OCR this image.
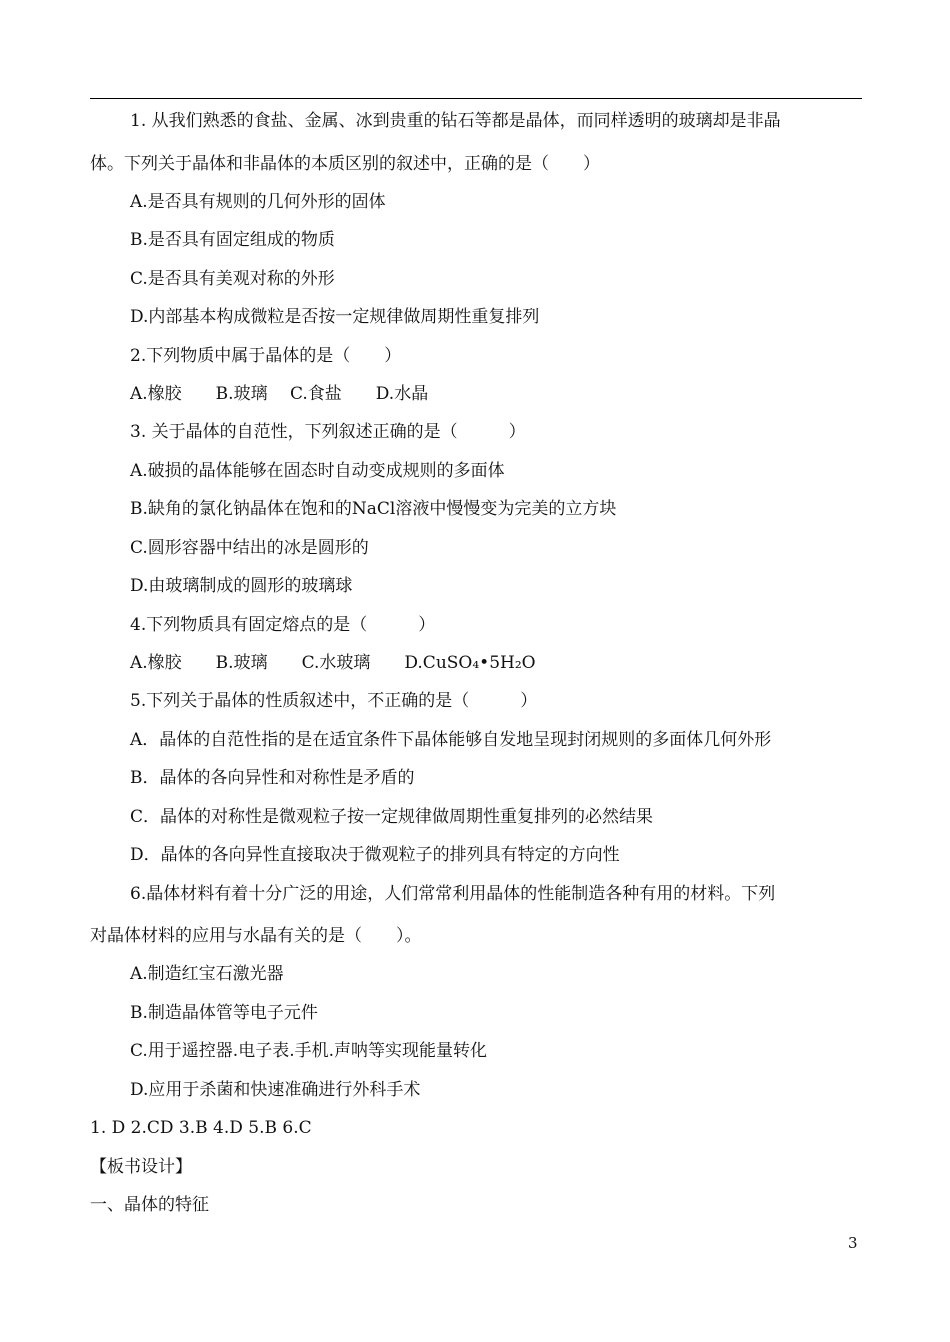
1. 从我们熟悉的食盐、金属、冰到贵重的钻石等都是晶体，而同样透明的玻璃却是非晶
体。下列关于晶体和非晶体的本质区别的叙述中，正确的是（　　）
A.是否具有规则的几何外形的固体
B.是否具有固定组成的物质
C.是否具有美观对称的外形
D.内部基本构成微粒是否按一定规律做周期性重复排列
2.下列物质中属于晶体的是（　　）
A.橡胶　　B.玻璃　 C.食盐　　D.水晶
3. 关于晶体的自范性，下列叙述正确的是（　　　）
A.破损的晶体能够在固态时自动变成规则的多面体
B.缺角的氯化钠晶体在饱和的NaCl溶液中慢慢变为完美的立方块
C.圆形容器中结出的冰是圆形的
D.由玻璃制成的圆形的玻璃球
4.下列物质具有固定熔点的是（　　　）
A.橡胶　　B.玻璃　　C.水玻璃　　D.CuSO₄•5H₂O
5.下列关于晶体的性质叙述中，不正确的是（　　　）
A．晶体的自范性指的是在适宜条件下晶体能够自发地呈现封闭规则的多面体几何外形
B．晶体的各向异性和对称性是矛盾的
C．晶体的对称性是微观粒子按一定规律做周期性重复排列的必然结果
D．晶体的各向异性直接取决于微观粒子的排列具有特定的方向性
6.晶体材料有着十分广泛的用途，人们常常利用晶体的性能制造各种有用的材料。下列
对晶体材料的应用与水晶有关的是（　　）。
A.制造红宝石激光器
B.制造晶体管等电子元件
C.用于遥控器.电子表.手机.声呐等实现能量转化
D.应用于杀菌和快速准确进行外科手术
1. D 2.CD 3.B 4.D 5.B 6.C
【板书设计】
一、晶体的特征
3
